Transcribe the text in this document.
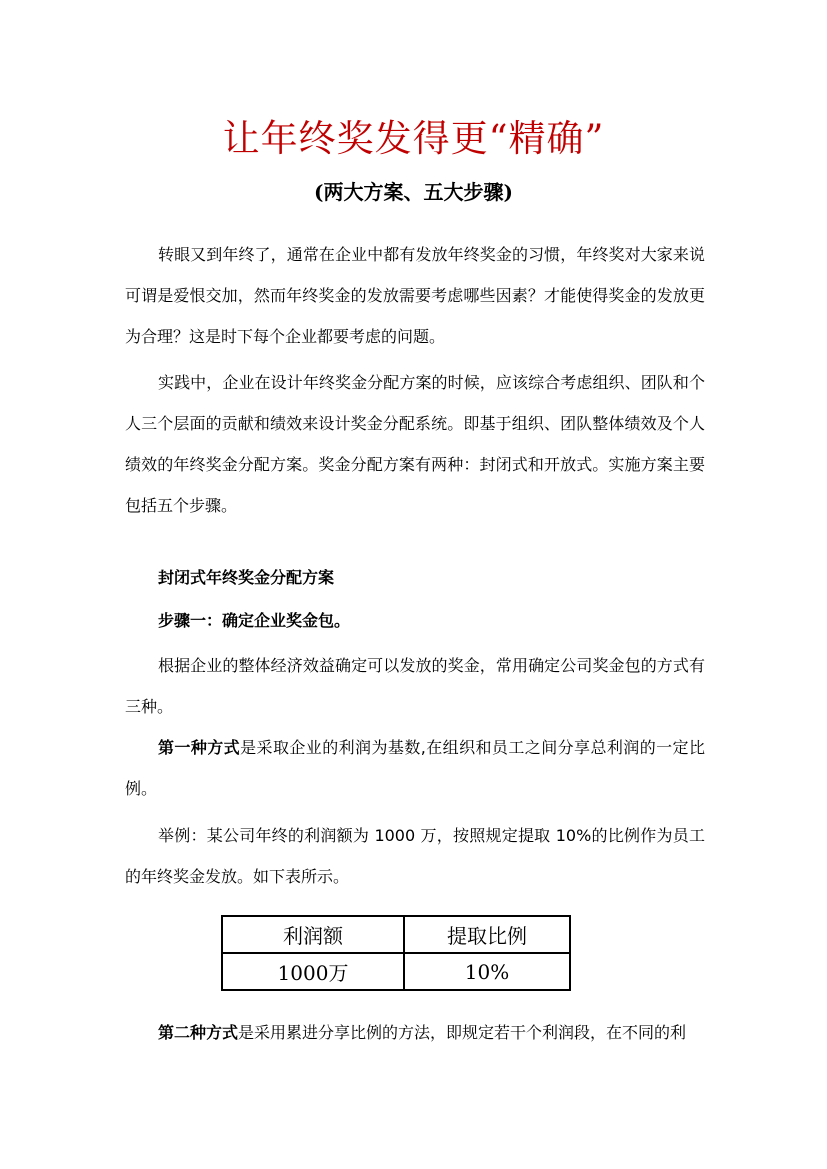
让年终奖发得更“精确”
(两大方案、五大步骤)

转眼又到年终了，通常在企业中都有发放年终奖金的习惯，年终奖对大家来说可谓是爱恨交加，然而年终奖金的发放需要考虑哪些因素？才能使得奖金的发放更为合理？这是时下每个企业都要考虑的问题。

实践中，企业在设计年终奖金分配方案的时候，应该综合考虑组织、团队和个人三个层面的贡献和绩效来设计奖金分配系统。即基于组织、团队整体绩效及个人绩效的年终奖金分配方案。奖金分配方案有两种：封闭式和开放式。实施方案主要包括五个步骤。

封闭式年终奖金分配方案

步骤一：确定企业奖金包。

根据企业的整体经济效益确定可以发放的奖金，常用确定公司奖金包的方式有三种。

第一种方式是采取企业的利润为基数,在组织和员工之间分享总利润的一定比例。

举例：某公司年终的利润额为 1000 万，按照规定提取 10%的比例作为员工的年终奖金发放。如下表所示。

利润额	提取比例
1000万	10%

第二种方式是采用累进分享比例的方法，即规定若干个利润段，在不同的利
